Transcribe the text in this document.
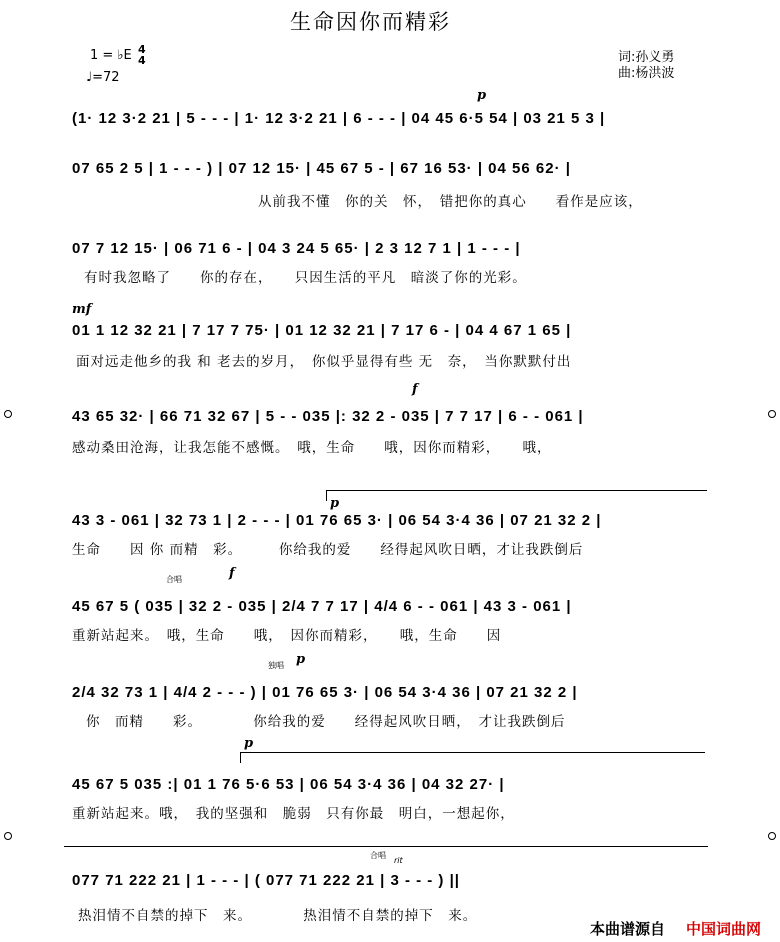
生命因你而精彩
1 = ♭E 4
4
♩=72
词:孙义勇
曲:杨洪波
p
mf
f
p
f
p
p
合唱
独唱
合唱
rit
(1· 12 3·2 21 | 5 - - - | 1· 12 3·2 21 | 6 - - - | 04 45 6·5 54 | 03 21 5 3 |
07 65 2 5 | 1 - - - ) | 07 12 15· | 45 67 5 - | 67 16 53· | 04 56 62· |
从前我不懂　你的关　怀，　错把你的真心　　看作是应该，
07 7 12 15· | 06 71 6 - | 04 3 24 5 65· | 2 3 12 7 1 | 1 - - - |
有时我忽略了　　你的存在，　　只因生活的平凡　暗淡了你的光彩。
01 1 12 32 21 | 7 17 7 75· | 01 12 32 21 | 7 17 6 - | 04 4 67 1 65 |
面对远走他乡的我 和 老去的岁月，　你似乎显得有些 无　奈，　当你默默付出
43 65 32· | 66 71 32 67 | 5 - - 035 |: 32 2 - 035 | 7 7 17 | 6 - - 061 |
感动桑田沧海，让我怎能不感慨。　哦，生命　　哦，因你而精彩，　　哦，
43 3 - 061 | 32 73 1 | 2 - - - | 01 76 65 3· | 06 54 3·4 36 | 07 21 32 2 |
生命　　因 你 而精　彩。　　　你给我的爱　　经得起风吹日晒，才让我跌倒后
45 67 5 ( 035 | 32 2 - 035 | 2/4 7 7 17 | 4/4 6 - - 061 | 43 3 - 061 |
重新站起来。　哦，生命　　哦，　因你而精彩，　　哦，生命　　因
2/4 32 73 1 | 4/4 2 - - - ) | 01 76 65 3· | 06 54 3·4 36 | 07 21 32 2 |
你　而精　　彩。　　　　你给我的爱　　经得起风吹日晒，　才让我跌倒后
45 67 5 035 :| 01 1 76 5·6 53 | 06 54 3·4 36 | 04 32 27· |
重新站起来。哦，　我的坚强和　脆弱　只有你最　明白，一想起你，
077 71 222 21 | 1 - - - | ( 077 71 222 21 | 3 - - - ) ||
热泪情不自禁的掉下　来。　　　　热泪情不自禁的掉下　来。
本曲谱源自 中国词曲网
